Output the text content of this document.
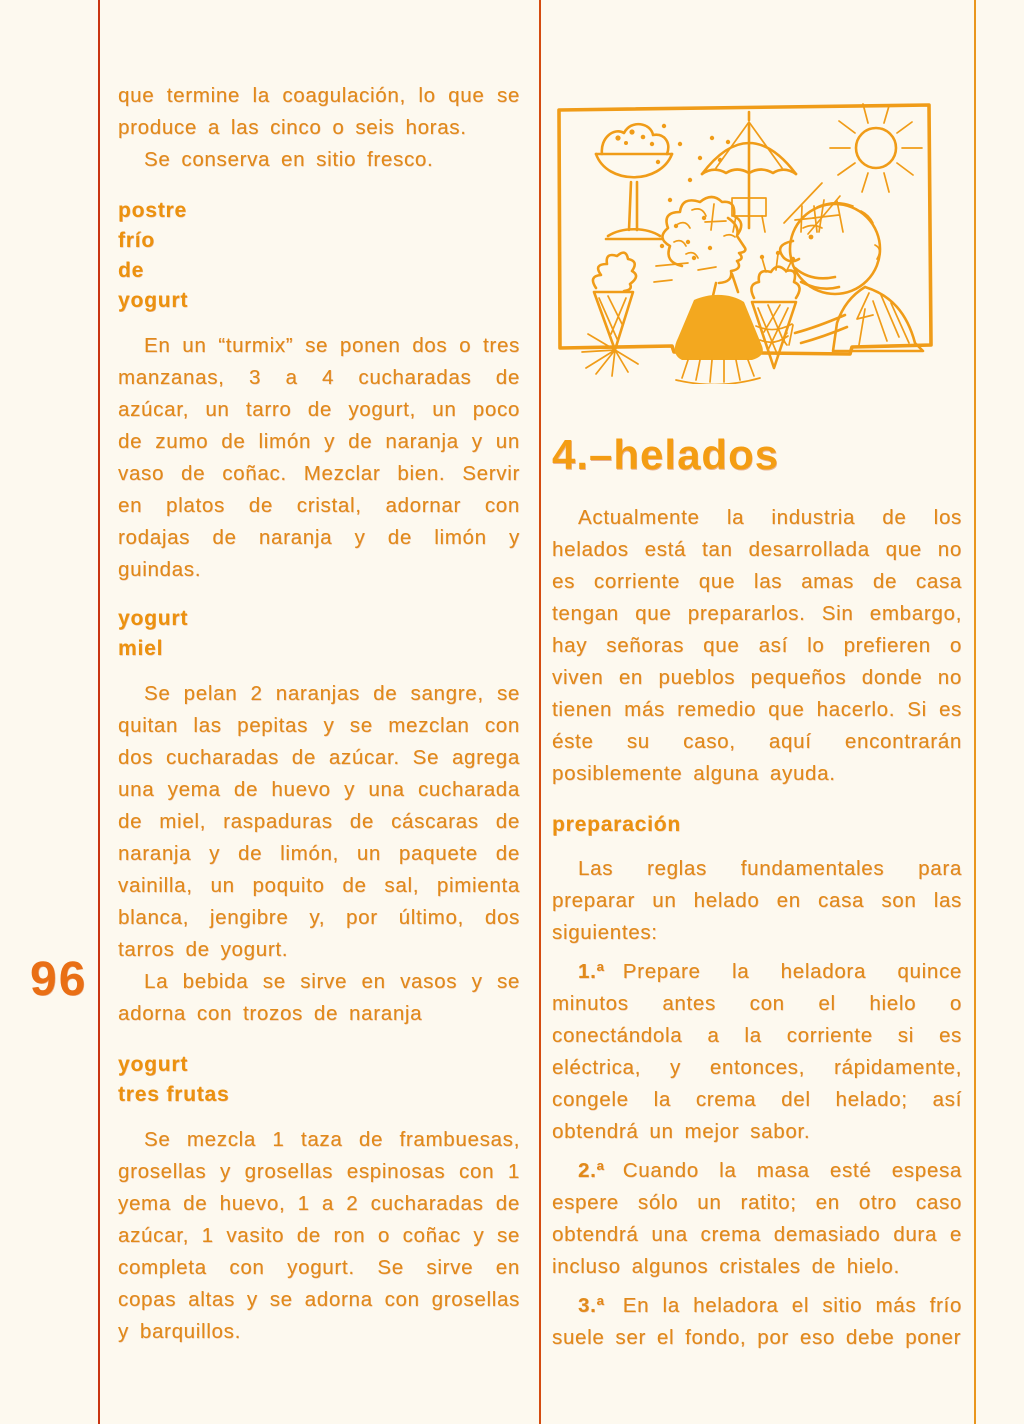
96

que termine la coagulación, lo que se produce a las cinco o seis horas.

Se conserva en sitio fresco.

postre
frío
de
yogurt

En un “turmix” se ponen dos o tres manzanas, 3 a 4 cucharadas de azúcar, un tarro de yogurt, un poco de zumo de limón y de naranja y un vaso de coñac. Mezclar bien. Servir en platos de cristal, adornar con rodajas de naranja y de limón y guindas.

yogurt
miel

Se pelan 2 naranjas de sangre, se quitan las pepitas y se mezclan con dos cucharadas de azúcar. Se agrega una yema de huevo y una cucharada de miel, raspaduras de cáscaras de naranja y de limón, un paquete de vainilla, un poquito de sal, pimienta blanca, jengibre y, por último, dos tarros de yogurt.

La bebida se sirve en vasos y se adorna con trozos de naranja

yogurt
tres frutas

Se mezcla 1 taza de frambuesas, grosellas y grosellas espinosas con 1 yema de huevo, 1 a 2 cucharadas de azúcar, 1 vasito de ron o coñac y se completa con yogurt. Se sirve en copas altas y se adorna con grosellas y barquillos.

4.–helados

Actualmente la industria de los helados está tan desarrollada que no es corriente que las amas de casa tengan que prepararlos. Sin embargo, hay señoras que así lo prefieren o viven en pueblos pequeños donde no tienen más remedio que hacerlo. Si es éste su caso, aquí encontrarán posiblemente alguna ayuda.

preparación

Las reglas fundamentales para preparar un helado en casa son las siguientes:

1.ª Prepare la heladora quince minutos antes con el hielo o conectándola a la corriente si es eléctrica, y entonces, rápidamente, congele la crema del helado; así obtendrá un mejor sabor.

2.ª Cuando la masa esté espesa espere sólo un ratito; en otro caso obtendrá una crema demasiado dura e incluso algunos cristales de hielo.

3.ª En la heladora el sitio más frío suele ser el fondo, por eso debe poner
